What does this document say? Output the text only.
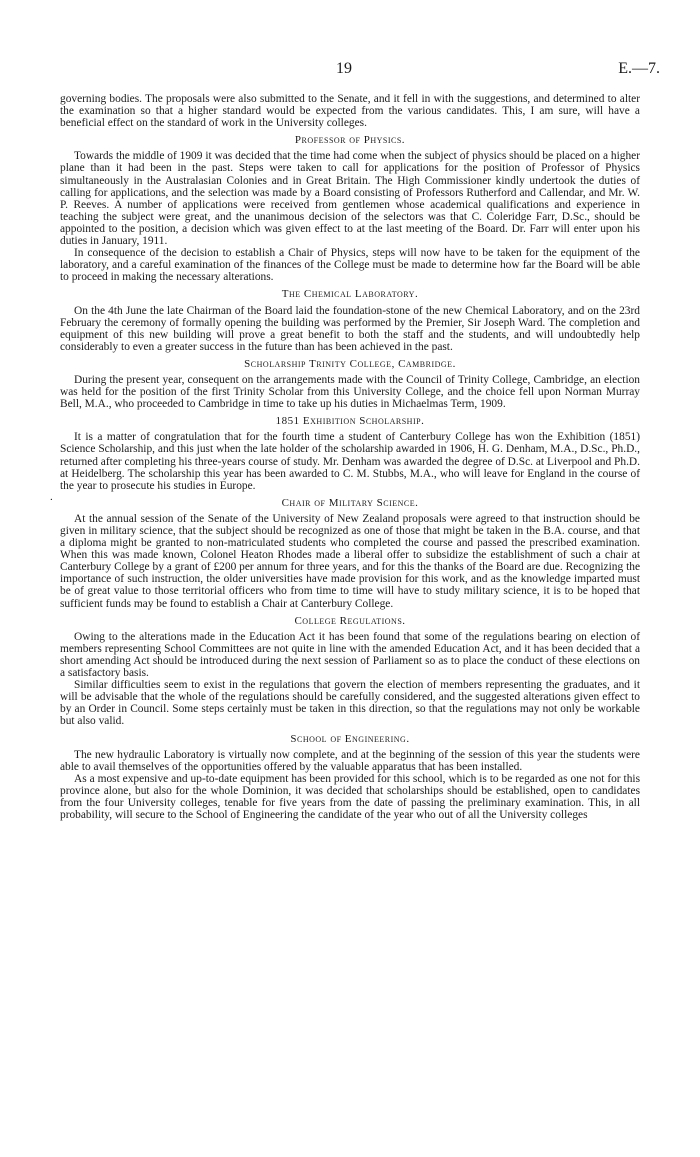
19	E.—7.
.

governing bodies. The proposals were also submitted to the Senate, and it fell in with the suggestions, and determined to alter the examination so that a higher standard would be expected from the various candidates. This, I am sure, will have a beneficial effect on the standard of work in the University colleges.

Professor of Physics.

Towards the middle of 1909 it was decided that the time had come when the subject of physics should be placed on a higher plane than it had been in the past. Steps were taken to call for applications for the position of Professor of Physics simultaneously in the Australasian Colonies and in Great Britain. The High Commissioner kindly undertook the duties of calling for applications, and the selection was made by a Board consisting of Professors Rutherford and Callendar, and Mr. W. P. Reeves. A number of applications were received from gentlemen whose academical qualifications and experience in teaching the subject were great, and the unanimous decision of the selectors was that C. Coleridge Farr, D.Sc., should be appointed to the position, a decision which was given effect to at the last meeting of the Board. Dr. Farr will enter upon his duties in January, 1911.

In consequence of the decision to establish a Chair of Physics, steps will now have to be taken for the equipment of the laboratory, and a careful examination of the finances of the College must be made to determine how far the Board will be able to proceed in making the necessary alterations.

The Chemical Laboratory.

On the 4th June the late Chairman of the Board laid the foundation-stone of the new Chemical Laboratory, and on the 23rd February the ceremony of formally opening the building was performed by the Premier, Sir Joseph Ward. The completion and equipment of this new building will prove a great benefit to both the staff and the students, and will undoubtedly help considerably to even a greater success in the future than has been achieved in the past.

Scholarship Trinity College, Cambridge.

During the present year, consequent on the arrangements made with the Council of Trinity College, Cambridge, an election was held for the position of the first Trinity Scholar from this University College, and the choice fell upon Norman Murray Bell, M.A., who proceeded to Cambridge in time to take up his duties in Michaelmas Term, 1909.

1851 Exhibition Scholarship.

It is a matter of congratulation that for the fourth time a student of Canterbury College has won the Exhibition (1851) Science Scholarship, and this just when the late holder of the scholarship awarded in 1906, H. G. Denham, M.A., D.Sc., Ph.D., returned after completing his three-years course of study. Mr. Denham was awarded the degree of D.Sc. at Liverpool and Ph.D. at Heidelberg. The scholarship this year has been awarded to C. M. Stubbs, M.A., who will leave for England in the course of the year to prosecute his studies in Europe.

Chair of Military Science.

At the annual session of the Senate of the University of New Zealand proposals were agreed to that instruction should be given in military science, that the subject should be recognized as one of those that might be taken in the B.A. course, and that a diploma might be granted to non-matriculated students who completed the course and passed the prescribed examination. When this was made known, Colonel Heaton Rhodes made a liberal offer to subsidize the establishment of such a chair at Canterbury College by a grant of £200 per annum for three years, and for this the thanks of the Board are due. Recognizing the importance of such instruction, the older universities have made provision for this work, and as the knowledge imparted must be of great value to those territorial officers who from time to time will have to study military science, it is to be hoped that sufficient funds may be found to establish a Chair at Canterbury College.

College Regulations.

Owing to the alterations made in the Education Act it has been found that some of the regulations bearing on election of members representing School Committees are not quite in line with the amended Education Act, and it has been decided that a short amending Act should be introduced during the next session of Parliament so as to place the conduct of these elections on a satisfactory basis.

Similar difficulties seem to exist in the regulations that govern the election of members representing the graduates, and it will be advisable that the whole of the regulations should be carefully considered, and the suggested alterations given effect to by an Order in Council. Some steps certainly must be taken in this direction, so that the regulations may not only be workable but also valid.

School of Engineering.

The new hydraulic Laboratory is virtually now complete, and at the beginning of the session of this year the students were able to avail themselves of the opportunities offered by the valuable apparatus that has been installed.

As a most expensive and up-to-date equipment has been provided for this school, which is to be regarded as one not for this province alone, but also for the whole Dominion, it was decided that scholarships should be established, open to candidates from the four University colleges, tenable for five years from the date of passing the preliminary examination. This, in all probability, will secure to the School of Engineering the candidate of the year who out of all the University colleges
